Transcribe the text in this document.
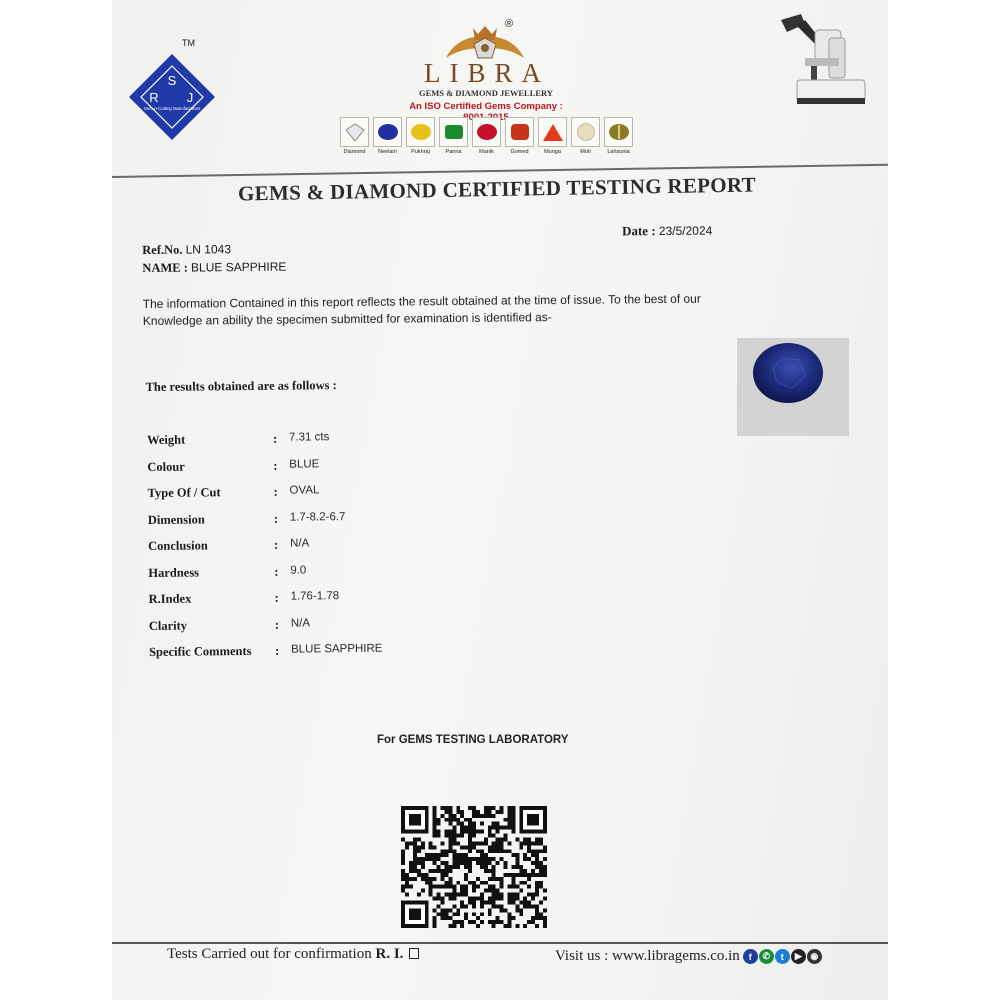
S
R J
Gem-n-Cutting Manufacturers
TM
®
LIBRA
GEMS & DIAMOND JEWELLERY
An ISO Certified Gems Company :
Diamond Neelam	Pukhraj	Panna	Manik	Gomed	Munga	Moti	Lahsunia
GEMS & DIAMOND CERTIFIED TESTING REPORT
Date : 23/5/2024
Ref.No. LN 1043
NAME : BLUE SAPPHIRE
The information Contained in this report reflects the result obtained at the time of issue. To the best of our
Knowledge an ability the specimen submitted for examination is identified as-
The results obtained are as follows :
Weight	: 7.31 cts
Colour	: BLUE
Type Of / Cut	: OVAL
Dimension	: 1.7-8.2-6.7
Conclusion	: N/A
Hardness	: 9.0
R.Index	: 1.76-1.78
Clarity	: N/A
Specific Comments : BLUE SAPPHIRE
For GEMS TESTING LABORATORY
Tests Carried out for confirmation R. I.	Visit us : www.libragems.co.in	f	✆	t	▶ ◉
